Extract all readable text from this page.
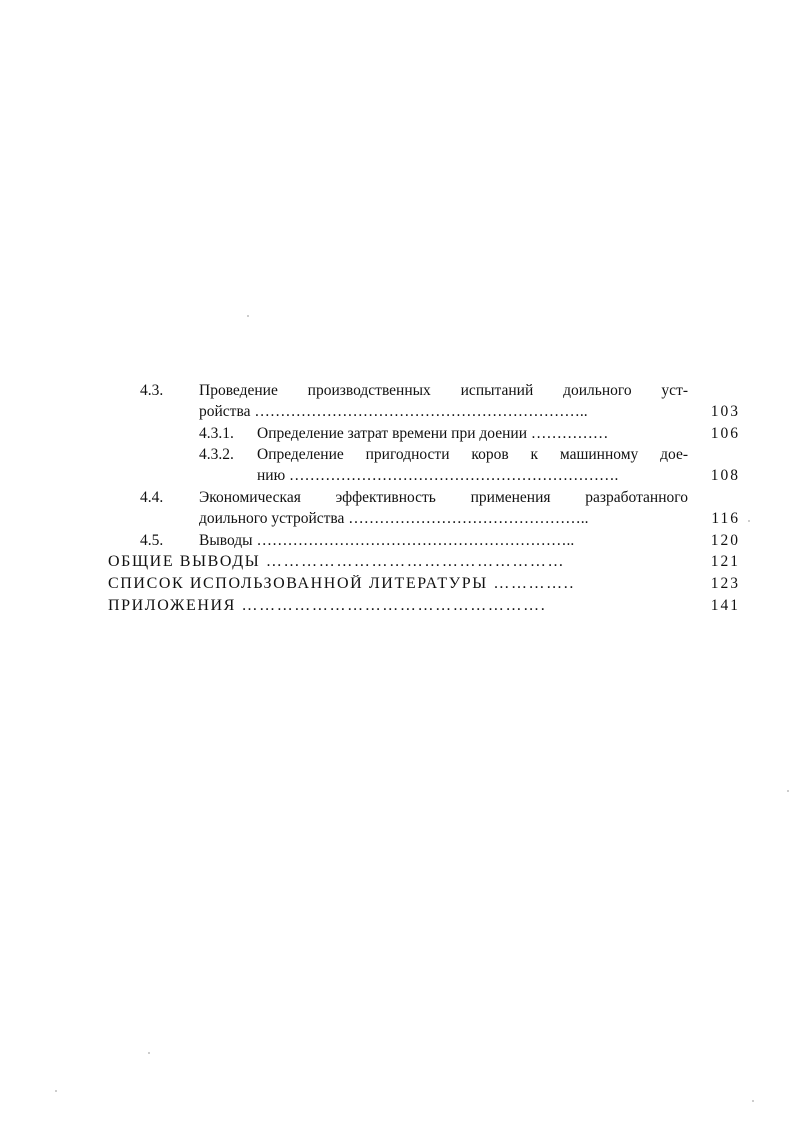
4.3. Проведение производственных испытаний доильного уст-
ройства ………………………………………………………..	103
4.3.1. Определение затрат времени при доении ……………	106
4.3.2. Определение пригодности коров к машинному дое-
нию ……………………………………………………….	108
4.4. Экономическая эффективность применения разработанного
доильного устройства ………………………………………..	116
4.5. Выводы ……………………………………………………..	120
ОБЩИЕ ВЫВОДЫ ……………………………………………	121
СПИСОК ИСПОЛЬЗОВАННОЙ ЛИТЕРАТУРЫ …………..	123
ПРИЛОЖЕНИЯ …………………………………………….	141
